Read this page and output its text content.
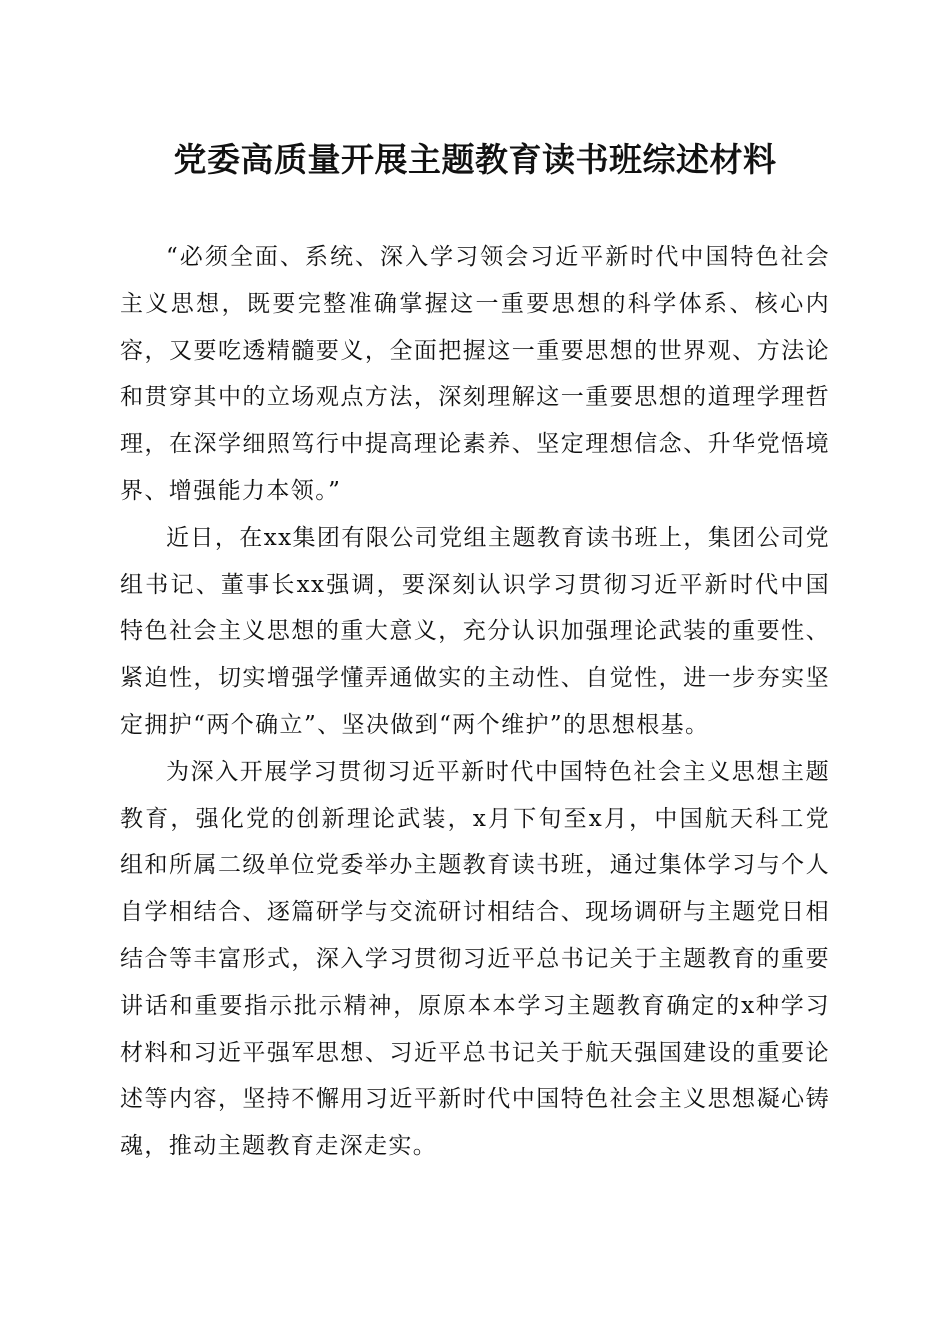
党委高质量开展主题教育读书班综述材料

“必须全面、系统、深入学习领会习近平新时代中国特色社会主义思想，既要完整准确掌握这一重要思想的科学体系、核心内容，又要吃透精髓要义，全面把握这一重要思想的世界观、方法论和贯穿其中的立场观点方法，深刻理解这一重要思想的道理学理哲理，在深学细照笃行中提高理论素养、坚定理想信念、升华党悟境界、增强能力本领。”

近日，在xx集团有限公司党组主题教育读书班上，集团公司党组书记、董事长xx强调，要深刻认识学习贯彻习近平新时代中国特色社会主义思想的重大意义，充分认识加强理论武装的重要性、紧迫性，切实增强学懂弄通做实的主动性、自觉性，进一步夯实坚定拥护“两个确立”、坚决做到“两个维护”的思想根基。

为深入开展学习贯彻习近平新时代中国特色社会主义思想主题教育，强化党的创新理论武装，x月下旬至x月，中国航天科工党组和所属二级单位党委举办主题教育读书班，通过集体学习与个人自学相结合、逐篇研学与交流研讨相结合、现场调研与主题党日相结合等丰富形式，深入学习贯彻习近平总书记关于主题教育的重要讲话和重要指示批示精神，原原本本学习主题教育确定的x种学习材料和习近平强军思想、习近平总书记关于航天强国建设的重要论述等内容，坚持不懈用习近平新时代中国特色社会主义思想凝心铸魂，推动主题教育走深走实。
